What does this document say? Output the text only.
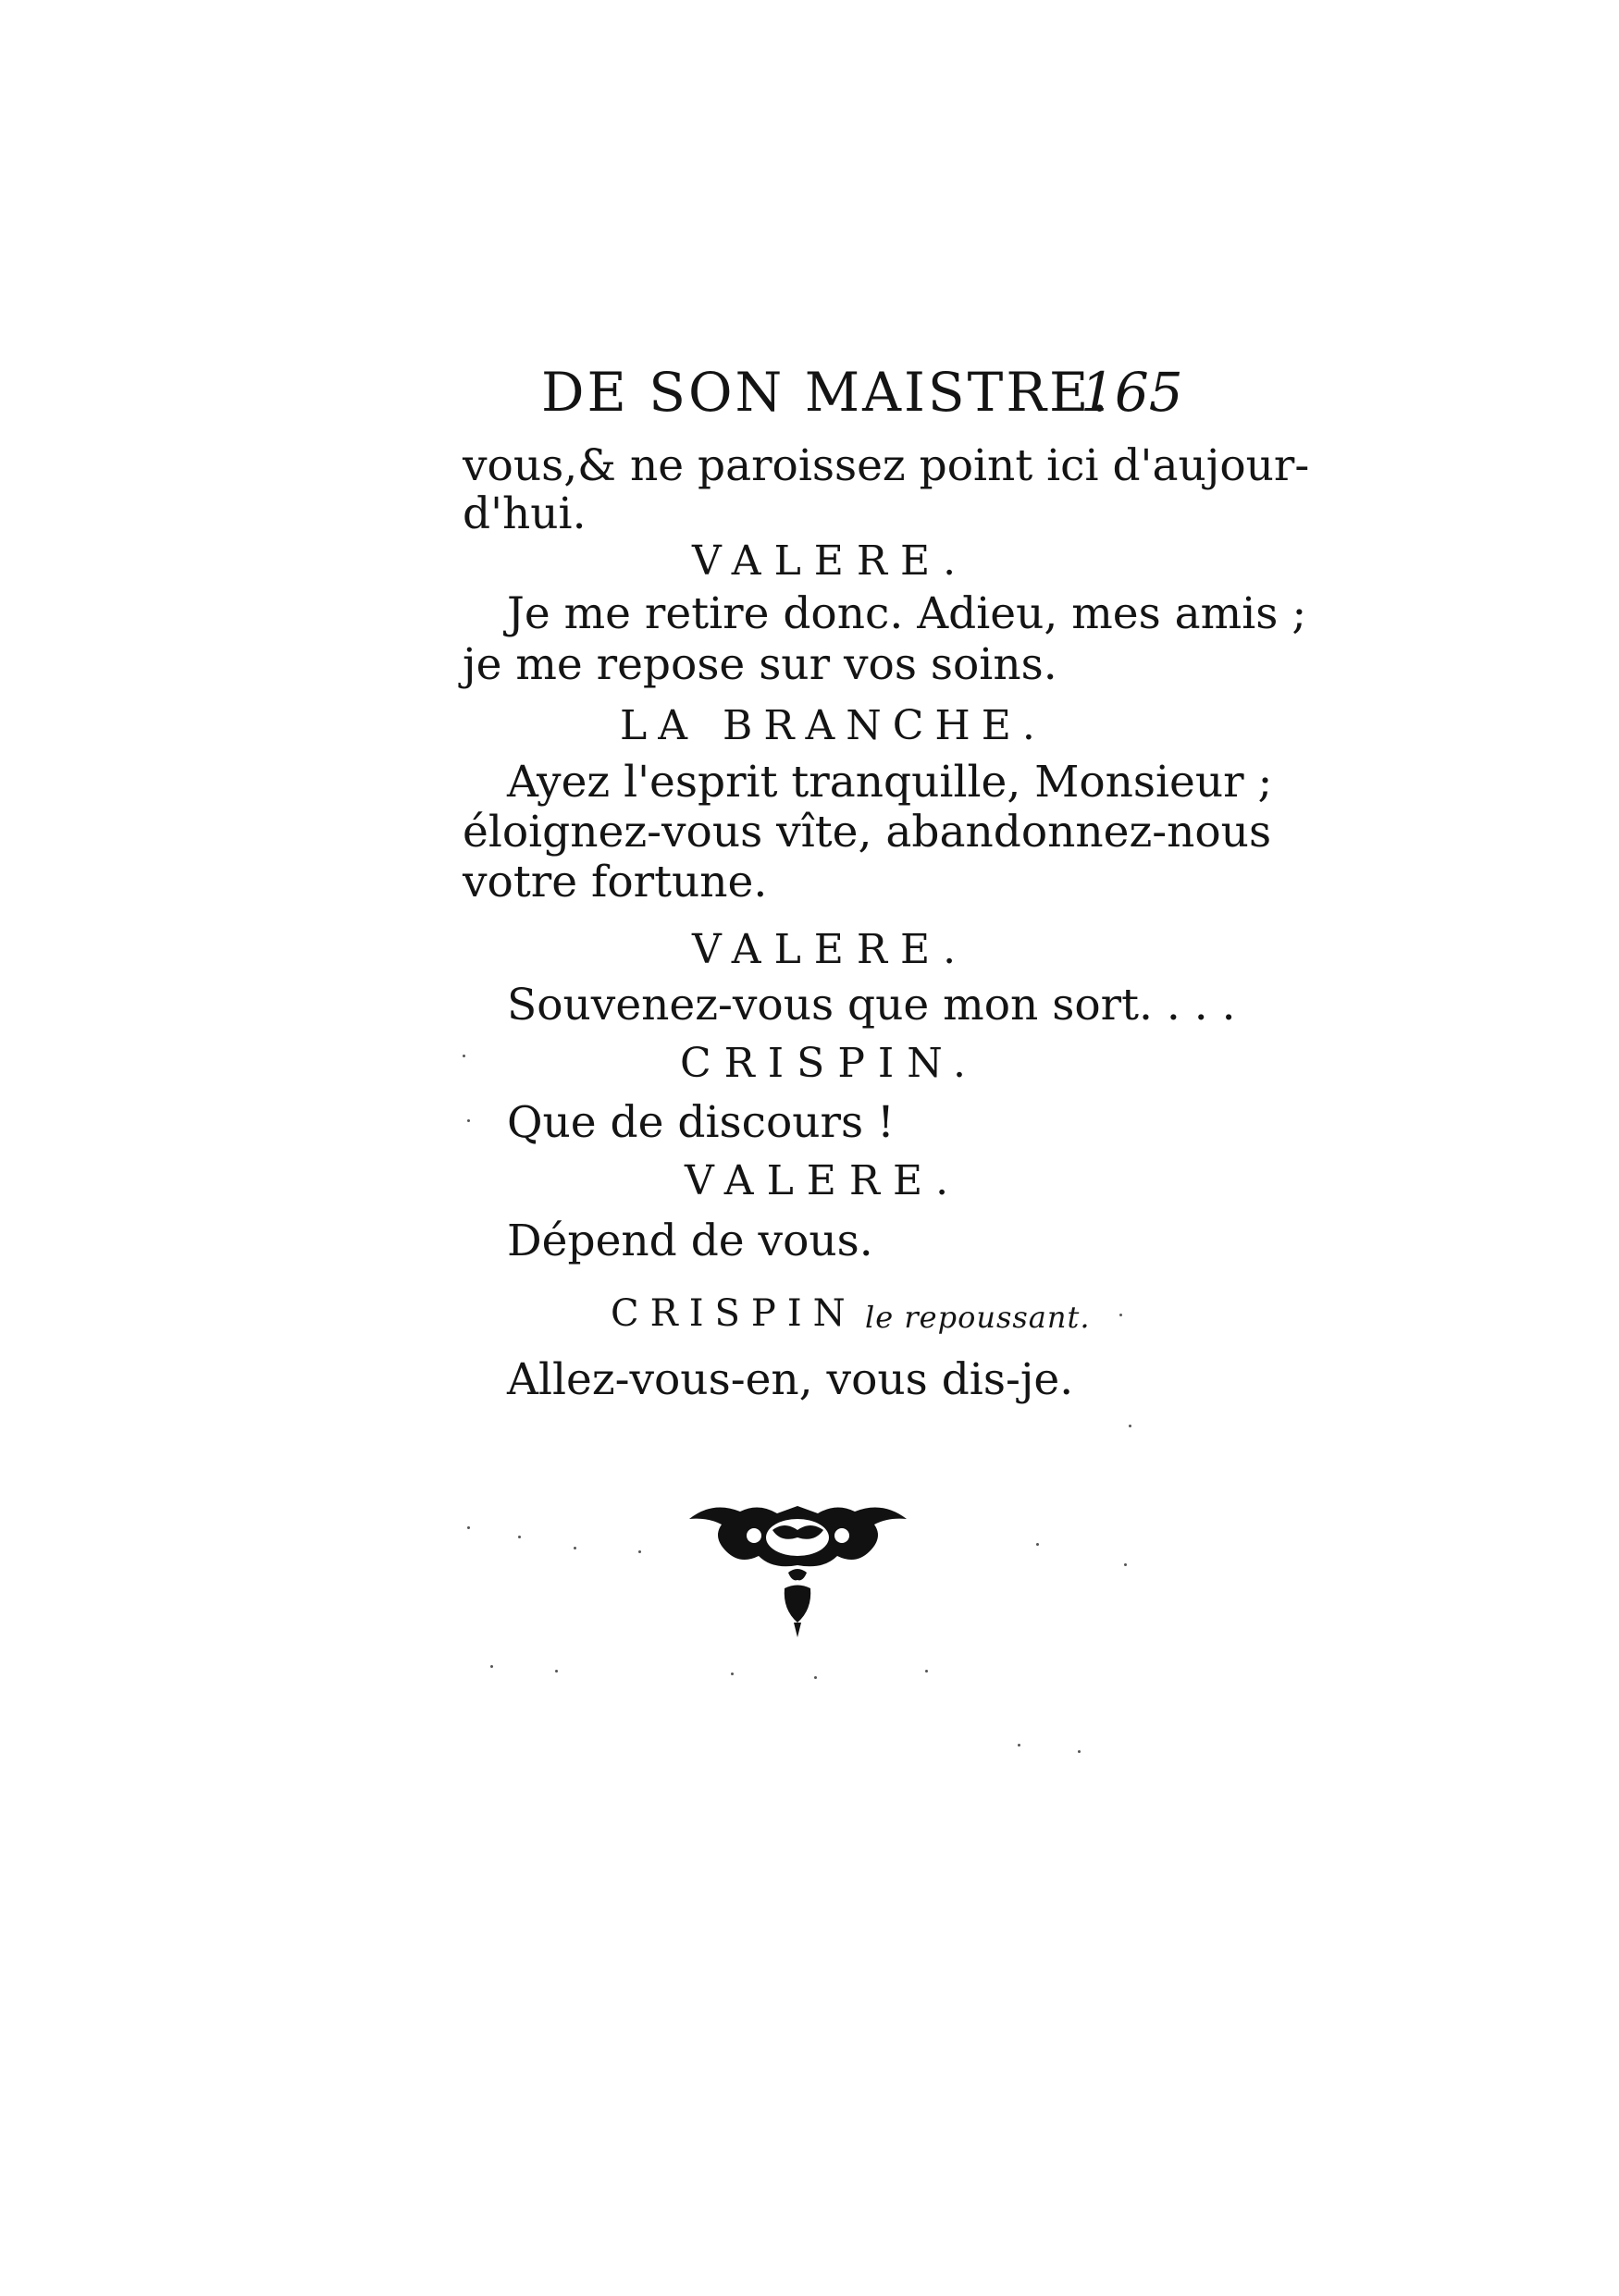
DE SON MAISTRE.
165
vous,& ne paroissez point ici d'aujour-
d'hui.
VALERE.
Je me retire donc. Adieu, mes amis ;
je me repose sur vos soins.
LA BRANCHE.
Ayez l'esprit tranquille, Monsieur ;
éloignez-vous vîte, abandonnez-nous
votre fortune.
VALERE.
Souvenez-vous que mon sort. . . .
CRISPIN.
Que de discours !
VALERE.
Dépend de vous.
CRISPIN le repoussant.
Allez-vous-en, vous dis-je.
